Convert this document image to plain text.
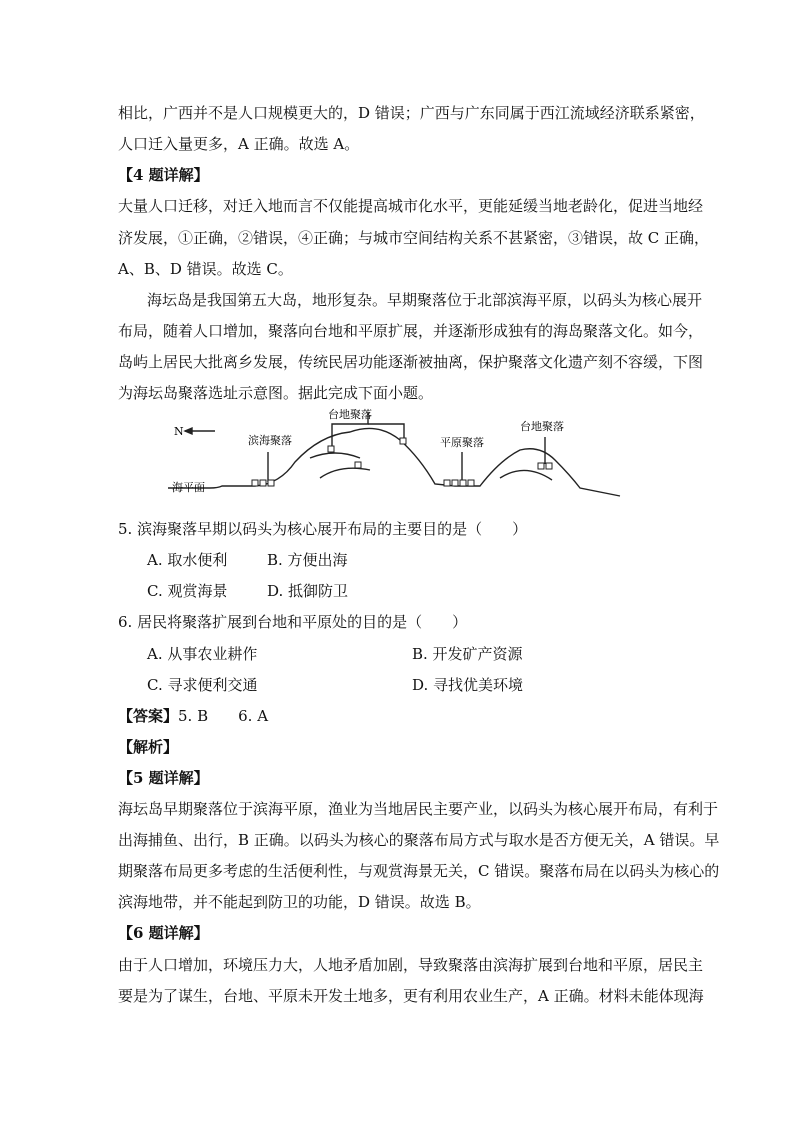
相比，广西并不是人口规模更大的，D 错误；广西与广东同属于西江流域经济联系紧密，
人口迁入量更多，A 正确。故选 A。
【4 题详解】
大量人口迁移，对迁入地而言不仅能提高城市化水平，更能延缓当地老龄化，促进当地经
济发展，①正确，②错误，④正确；与城市空间结构关系不甚紧密，③错误，故 C 正确，
A、B、D 错误。故选 C。
海坛岛是我国第五大岛，地形复杂。早期聚落位于北部滨海平原，以码头为核心展开
布局，随着人口增加，聚落向台地和平原扩展，并逐渐形成独有的海岛聚落文化。如今，
岛屿上居民大批离乡发展，传统民居功能逐渐被抽离，保护聚落文化遗产刻不容缓，下图
为海坛岛聚落选址示意图。据此完成下面小题。
N
海平面
滨海聚落
台地聚落
平原聚落
台地聚落
5. 滨海聚落早期以码头为核心展开布局的主要目的是（　　）
A. 取水便利	B. 方便出海
C. 观赏海景	D. 抵御防卫
6. 居民将聚落扩展到台地和平原处的目的是（　　）
A. 从事农业耕作	B. 开发矿产资源
C. 寻求便利交通	D. 寻找优美环境
【答案】5. B　　6. A
【解析】
【5 题详解】
海坛岛早期聚落位于滨海平原，渔业为当地居民主要产业，以码头为核心展开布局，有利于
出海捕鱼、出行，B 正确。以码头为核心的聚落布局方式与取水是否方便无关，A 错误。早
期聚落布局更多考虑的生活便利性，与观赏海景无关，C 错误。聚落布局在以码头为核心的
滨海地带，并不能起到防卫的功能，D 错误。故选 B。
【6 题详解】
由于人口增加，环境压力大，人地矛盾加剧，导致聚落由滨海扩展到台地和平原，居民主
要是为了谋生，台地、平原未开发土地多，更有利用农业生产，A 正确。材料未能体现海
